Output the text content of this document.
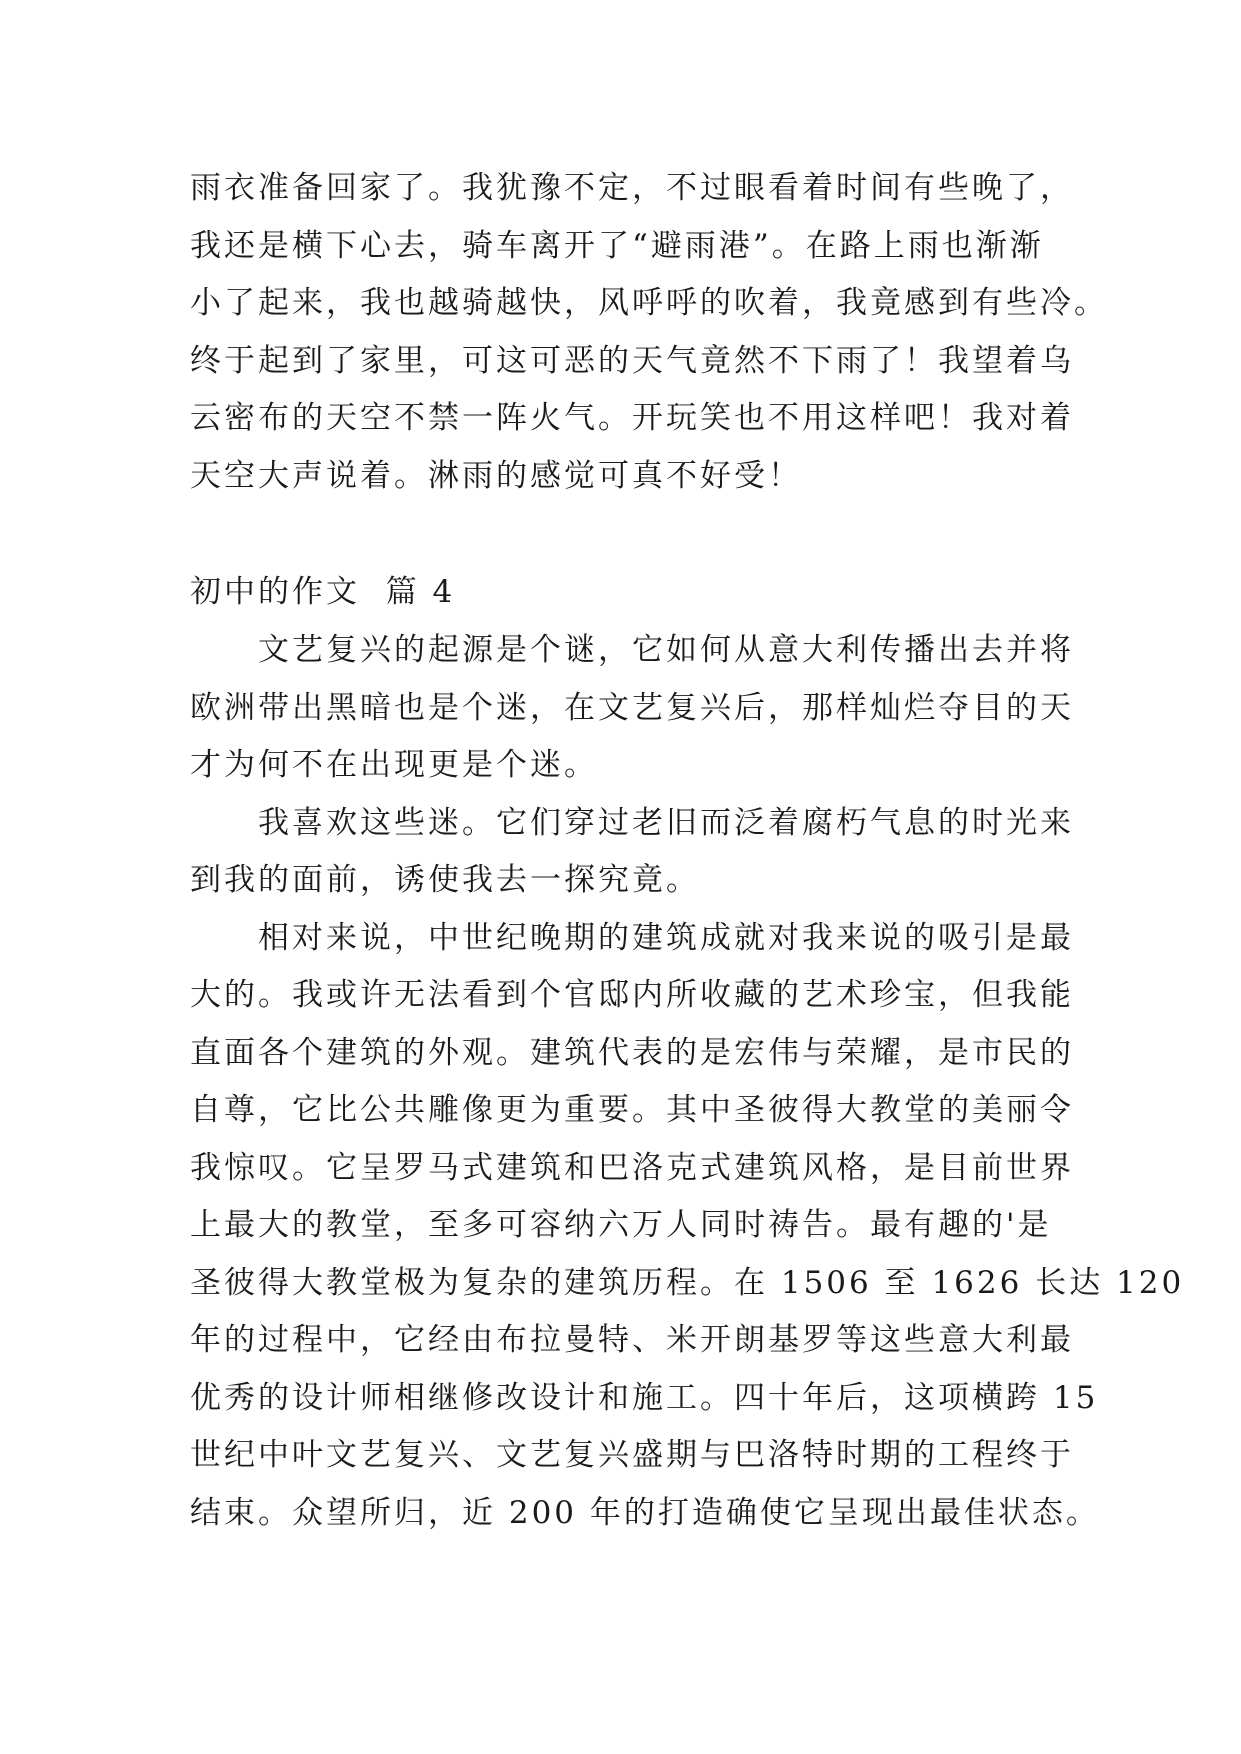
雨衣准备回家了。我犹豫不定，不过眼看着时间有些晚了，
我还是横下心去，骑车离开了“避雨港”。在路上雨也渐渐
小了起来，我也越骑越快，风呼呼的吹着，我竟感到有些冷。
终于起到了家里，可这可恶的天气竟然不下雨了！我望着乌
云密布的天空不禁一阵火气。开玩笑也不用这样吧！我对着
天空大声说着。淋雨的感觉可真不好受！
初中的作文  篇 4
文艺复兴的起源是个谜，它如何从意大利传播出去并将
欧洲带出黑暗也是个迷，在文艺复兴后，那样灿烂夺目的天
才为何不在出现更是个迷。
我喜欢这些迷。它们穿过老旧而泛着腐朽气息的时光来
到我的面前，诱使我去一探究竟。
相对来说，中世纪晚期的建筑成就对我来说的吸引是最
大的。我或许无法看到个官邸内所收藏的艺术珍宝，但我能
直面各个建筑的外观。建筑代表的是宏伟与荣耀，是市民的
自尊，它比公共雕像更为重要。其中圣彼得大教堂的美丽令
我惊叹。它呈罗马式建筑和巴洛克式建筑风格，是目前世界
上最大的教堂，至多可容纳六万人同时祷告。最有趣的'是
圣彼得大教堂极为复杂的建筑历程。在 1506 至 1626 长达 120
年的过程中，它经由布拉曼特、米开朗基罗等这些意大利最
优秀的设计师相继修改设计和施工。四十年后，这项横跨 15
世纪中叶文艺复兴、文艺复兴盛期与巴洛特时期的工程终于
结束。众望所归，近 200 年的打造确使它呈现出最佳状态。
